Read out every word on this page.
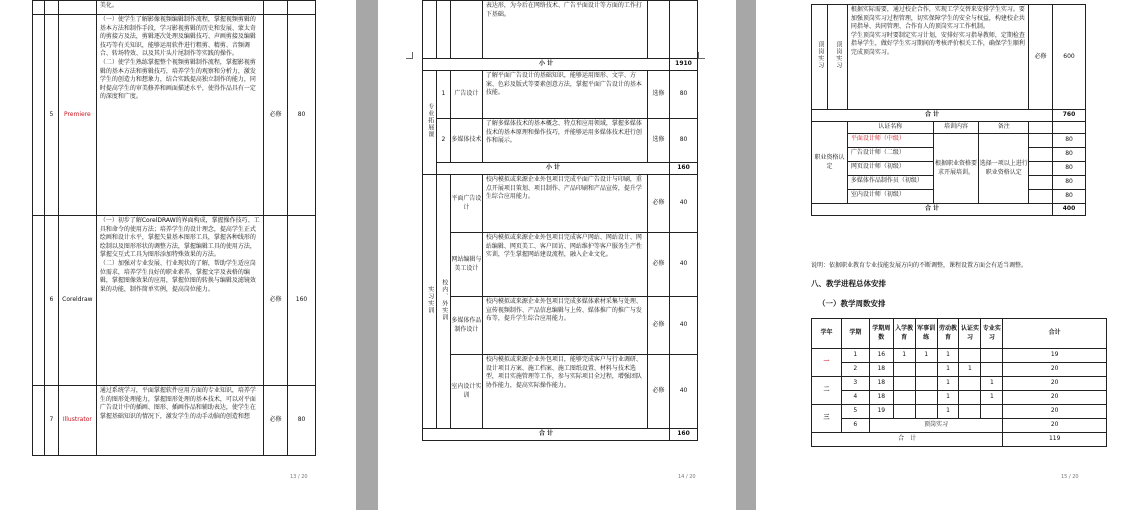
			美化。		
	5	Premiere	（一）使学生了解影像视频编辑制作流程，掌握视频剪辑的基本方法和制作手段，学习影视剪辑的历史和发展、蒙太奇的剪接方及法，剪辑逐次处理及编辑技巧、声画剪接及编辑技巧等有关知识，能够运用软件进行粗剪、精剪、音频调合、转场特效、以及其片头片尾制作等实践的操作。
（二）使学生熟练掌握整个视频剪辑制作流程，掌握影视剪辑的基本方法和剪辑技巧，培养学生的观察和分析力，激发学生的创造力和想象力，结合实践提高独立制作的能力，同时提高学生的审美修养和画面描述水平，使得作品具有一定的深度和广度。	必修	80
	6	Coreldraw	（一）初步了解CorelDRAW的界面构成，掌握操作技巧、工具和命令的使用方法；培养学生的设计理念，提高学生正式绘画和设计水平，掌握矢量基本图形工具，掌握各种线形的绘制以及图形形状的调整方法，掌握编辑工具的使用方法，掌握交互式工具为图形添加特殊效果的方法。
（二）加强对专业发展、行业现状的了解，帮助学生适应岗位需求，培养学生良好的职业素养，掌握文字及表格的编辑，掌握图像效果的应用，掌握位图的转换与编辑及滤镜效果的功能，制作简单实例，提高岗位能力。	必修	160
	7	Illustrator	通过系统学习，平面掌握软件应用方面的专业知识，培养学生的图形处理能力，掌握图形处理的基本技术，可以对平面广告设计中的插画、图形、插画作品和辅助表达，使学生在掌握基础知识的情况下，激发学生的动手动脑的创造和想	必修	80
13 / 20
			表达形，为今后在网络技术、广告平面设计等方面的工作打下基础。		
小 计					1910
专业拓展课	1	广告设计	了解平面广告设计的基础知识，能够运用图形、文字、方案、色彩及版式等要素创意方法，掌握平面广告设计的基本技能。	选修	80
	2	多媒体技术	了解多媒体技术的基本概念、特点和应用领域，掌握多媒体技术的基本原理和操作技巧，并能够运用多媒体技术进行创作和展示。	选修	80
	小 计				160
实习实训	校内、外实训	平面广告设计	校内模拟或来源企业外包项目完成平面广告设计与印刷，重点开展项目策划、项目制作、产品印刷和产品宣传，提升学生综合应用能力。	必修	40
		网站编辑与美工设计	校内模拟或来源企业外包项目完成客户网站、网站设计、网站编辑、网页美工、客户回访、网站维护等客户服务生产性实训，学生掌握网站建设流程，融入企业文化。	必修	40
		多媒体作品制作设计	校内模拟或来源企业外包项目完成多媒体素材采集与处理、宣传视频制作、产品信息编辑与上传、媒体推广的推广与发布等，提升学生综合应用能力。	必修	40
		室内设计实训	校内模拟或来源企业外包项目，能够完成客户与行业调研、设计项目方案、施工档案、施工图纸设置、材料与技术选型，项目实施管理等工作，参与实际项目全过程，增强团队协作能力，提高实际操作能力。	必修	40
合 计					160
14 / 20
顶岗实习	顶岗实习	根据实际需要，通过校企合作，实现工学交替来安排学生实习。要加强顶岗实习过程管理，切实保障学生的安全与权益，构建校企共同指导、共同管理、合作育人的顶岗实习工作机制。
学生顶岗实习时要制定实习计划，安排好实习指导教师，定期检查指导学生，做好学生实习期间的考核评价相关工作，确保学生顺利完成顶岗实习。			必修	600
合 计						760
职业资格认定		认证名称	培训内容	备注		
		平面设计师（中级）	根据职业资格要求开展培训。	选择一项以上进行职业资格认定		80
		广告设计师（二级）				80
		网页设计师（初级）				80
		多媒体作品制作员（初级）				80
		室内设计师（初级）				80
合 计						400
说明：依据职业教育专业技能发展方向的不断调整，课程设置方面会有适当调整。
八、教学进程总体安排
（一）教学周数安排
学年	学期	学期周数	入学教育	军事训练	劳动教育	认证实习	专业实习	合计
一	1	16	1	1	1			19
	2	18			1	1		20
二	3	18			1		1	20
	4	18			1		1	20
三	5	19			1			20
	6	顶岗实习						20
合　计								119
15 / 20
